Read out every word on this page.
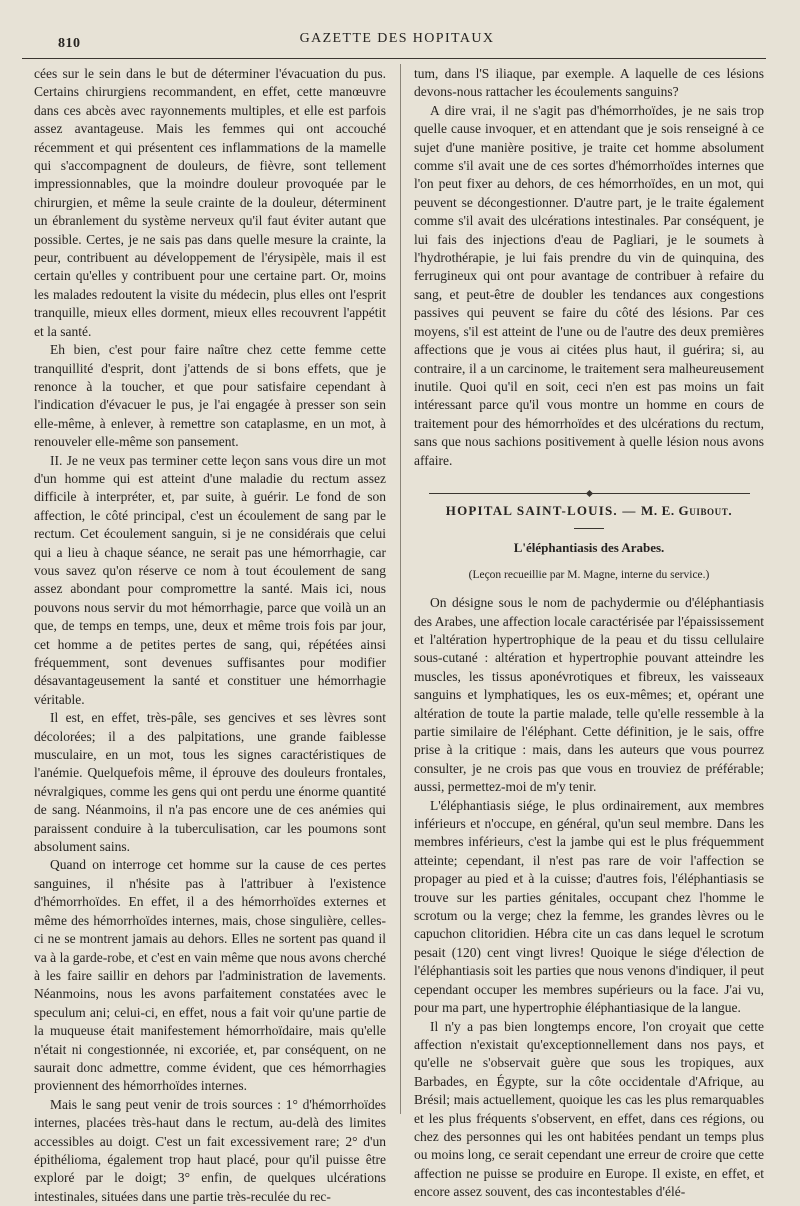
810	GAZETTE DES HOPITAUX

cées sur le sein dans le but de déterminer l'évacuation du pus. Certains chirurgiens recommandent, en effet, cette manœuvre dans ces abcès avec rayonnements multiples, et elle est parfois assez avantageuse. Mais les femmes qui ont accouché récemment et qui présentent ces inflammations de la mamelle qui s'accompagnent de douleurs, de fièvre, sont tellement impressionnables, que la moindre douleur provoquée par le chirurgien, et même la seule crainte de la douleur, déterminent un ébranlement du système nerveux qu'il faut éviter autant que possible. Certes, je ne sais pas dans quelle mesure la crainte, la peur, contribuent au développement de l'érysipèle, mais il est certain qu'elles y contribuent pour une certaine part. Or, moins les malades redoutent la visite du médecin, plus elles ont l'esprit tranquille, mieux elles dorment, mieux elles recouvrent l'appétit et la santé.

Eh bien, c'est pour faire naître chez cette femme cette tranquillité d'esprit, dont j'attends de si bons effets, que je renonce à la toucher, et que pour satisfaire cependant à l'indication d'évacuer le pus, je l'ai engagée à presser son sein elle-même, à enlever, à remettre son cataplasme, en un mot, à renouveler elle-même son pansement.

II. Je ne veux pas terminer cette leçon sans vous dire un mot d'un homme qui est atteint d'une maladie du rectum assez difficile à interpréter, et, par suite, à guérir. Le fond de son affection, le côté principal, c'est un écoulement de sang par le rectum. Cet écoulement sanguin, si je ne considérais que celui qui a lieu à chaque séance, ne serait pas une hémorrhagie, car vous savez qu'on réserve ce nom à tout écoulement de sang assez abondant pour compromettre la santé. Mais ici, nous pouvons nous servir du mot hémorrhagie, parce que voilà un an que, de temps en temps, une, deux et même trois fois par jour, cet homme a de petites pertes de sang, qui, répétées ainsi fréquemment, sont devenues suffisantes pour modifier désavantageusement la santé et constituer une hémorrhagie véritable.

Il est, en effet, très-pâle, ses gencives et ses lèvres sont décolorées; il a des palpitations, une grande faiblesse musculaire, en un mot, tous les signes caractéristiques de l'anémie. Quelquefois même, il éprouve des douleurs frontales, névralgiques, comme les gens qui ont perdu une énorme quantité de sang. Néanmoins, il n'a pas encore une de ces anémies qui paraissent conduire à la tuberculisation, car les poumons sont absolument sains.

Quand on interroge cet homme sur la cause de ces pertes sanguines, il n'hésite pas à l'attribuer à l'existence d'hémorrhoïdes. En effet, il a des hémorrhoïdes externes et même des hémorrhoïdes internes, mais, chose singulière, celles-ci ne se montrent jamais au dehors. Elles ne sortent pas quand il va à la garde-robe, et c'est en vain même que nous avons cherché à les faire saillir en dehors par l'administration de lavements. Néanmoins, nous les avons parfaitement constatées avec le speculum ani; celui-ci, en effet, nous a fait voir qu'une partie de la muqueuse était manifestement hémorrhoïdaire, mais qu'elle n'était ni congestionnée, ni excoriée, et, par conséquent, on ne saurait donc admettre, comme évident, que ces hémorrhagies proviennent des hémorrhoïdes internes.

Mais le sang peut venir de trois sources : 1° d'hémorrhoïdes internes, placées très-haut dans le rectum, au-delà des limites accessibles au doigt. C'est un fait excessivement rare; 2° d'un épithélioma, également trop haut placé, pour qu'il puisse être exploré par le doigt; 3° enfin, de quelques ulcérations intestinales, situées dans une partie très-reculée du rec-

tum, dans l'S iliaque, par exemple. A laquelle de ces lésions devons-nous rattacher les écoulements sanguins?

A dire vrai, il ne s'agit pas d'hémorrhoïdes, je ne sais trop quelle cause invoquer, et en attendant que je sois renseigné à ce sujet d'une manière positive, je traite cet homme absolument comme s'il avait une de ces sortes d'hémorrhoïdes internes que l'on peut fixer au dehors, de ces hémorrhoïdes, en un mot, qui peuvent se décongestionner. D'autre part, je le traite également comme s'il avait des ulcérations intestinales. Par conséquent, je lui fais des injections d'eau de Pagliari, je le soumets à l'hydrothérapie, je lui fais prendre du vin de quinquina, des ferrugineux qui ont pour avantage de contribuer à refaire du sang, et peut-être de doubler les tendances aux congestions passives qui peuvent se faire du côté des lésions. Par ces moyens, s'il est atteint de l'une ou de l'autre des deux premières affections que je vous ai citées plus haut, il guérira; si, au contraire, il a un carcinome, le traitement sera malheureusement inutile. Quoi qu'il en soit, ceci n'en est pas moins un fait intéressant parce qu'il vous montre un homme en cours de traitement pour des hémorrhoïdes et des ulcérations du rectum, sans que nous sachions positivement à quelle lésion nous avons affaire.

HOPITAL SAINT-LOUIS. — M. E. Guibout.
L'éléphantiasis des Arabes.
(Leçon recueillie par M. Magne, interne du service.)

On désigne sous le nom de pachydermie ou d'éléphantiasis des Arabes, une affection locale caractérisée par l'épaississement et l'altération hypertrophique de la peau et du tissu cellulaire sous-cutané : altération et hypertrophie pouvant atteindre les muscles, les tissus aponévrotiques et fibreux, les vaisseaux sanguins et lymphatiques, les os eux-mêmes; et, opérant une altération de toute la partie malade, telle qu'elle ressemble à la partie similaire de l'éléphant. Cette définition, je le sais, offre prise à la critique : mais, dans les auteurs que vous pourrez consulter, je ne crois pas que vous en trouviez de préférable; aussi, permettez-moi de m'y tenir.

L'éléphantiasis siége, le plus ordinairement, aux membres inférieurs et n'occupe, en général, qu'un seul membre. Dans les membres inférieurs, c'est la jambe qui est le plus fréquemment atteinte; cependant, il n'est pas rare de voir l'affection se propager au pied et à la cuisse; d'autres fois, l'éléphantiasis se trouve sur les parties génitales, occupant chez l'homme le scrotum ou la verge; chez la femme, les grandes lèvres ou le capuchon clitoridien. Hébra cite un cas dans lequel le scrotum pesait (120) cent vingt livres! Quoique le siége d'élection de l'éléphantiasis soit les parties que nous venons d'indiquer, il peut cependant occuper les membres supérieurs ou la face. J'ai vu, pour ma part, une hypertrophie éléphantiasique de la langue.

Il n'y a pas bien longtemps encore, l'on croyait que cette affection n'existait qu'exceptionnellement dans nos pays, et qu'elle ne s'observait guère que sous les tropiques, aux Barbades, en Égypte, sur la côte occidentale d'Afrique, au Brésil; mais actuellement, quoique les cas les plus remarquables et les plus fréquents s'observent, en effet, dans ces régions, ou chez des personnes qui les ont habitées pendant un temps plus ou moins long, ce serait cependant une erreur de croire que cette affection ne puisse se produire en Europe. Il existe, en effet, et encore assez souvent, des cas incontestables d'élé-
